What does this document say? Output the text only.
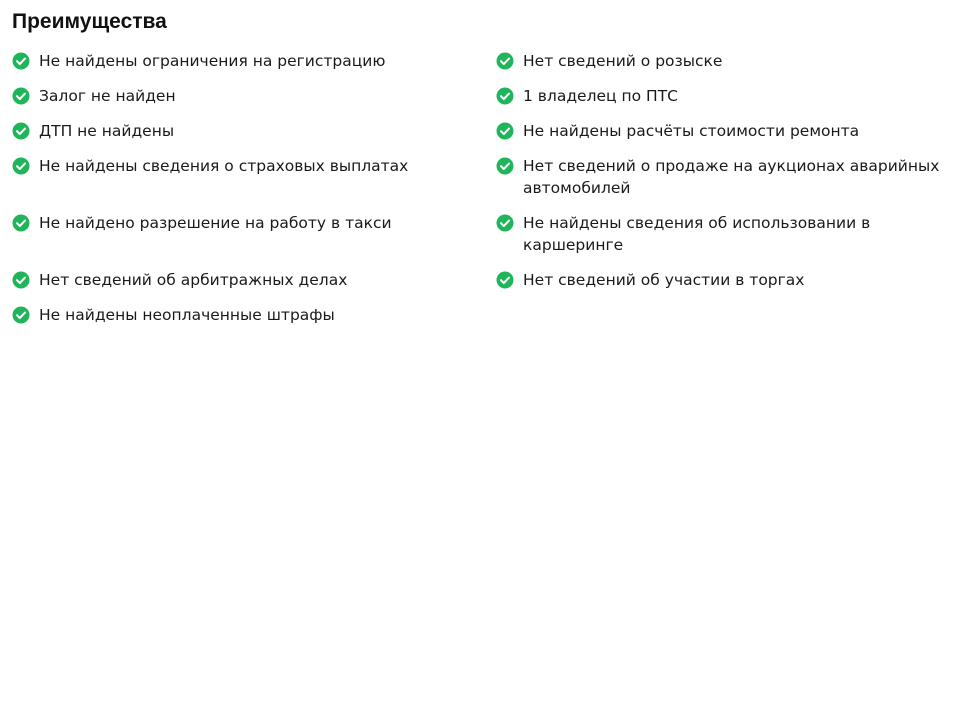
Преимущества
Не найдены ограничения на регистрацию
Залог не найден
ДТП не найдены
Не найдены сведения о страховых выплатах
Не найдено разрешение на работу в такси
Нет сведений об арбитражных делах
Не найдены неоплаченные штрафы
Нет сведений о розыске
1 владелец по ПТС
Не найдены расчёты стоимости ремонта
Нет сведений о продаже на аукционах аварийных автомобилей
Не найдены сведения об использовании в каршеринге
Нет сведений об участии в торгах
